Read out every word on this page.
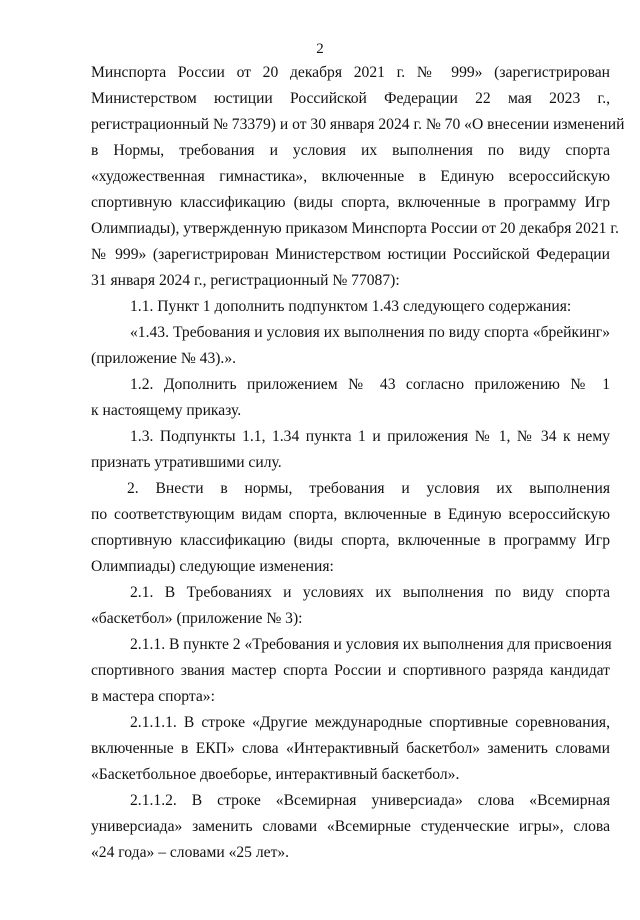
2
Минспорта России от 20 декабря 2021 г. № 999» (зарегистрирован
Министерством юстиции Российской Федерации 22 мая 2023 г.,
регистрационный № 73379) и от 30 января 2024 г. № 70 «О внесении изменений
в Нормы, требования и условия их выполнения по виду спорта
«художественная гимнастика», включенные в Единую всероссийскую
спортивную классификацию (виды спорта, включенные в программу Игр
Олимпиады), утвержденную приказом Минспорта России от 20 декабря 2021 г.
№ 999» (зарегистрирован Министерством юстиции Российской Федерации
31 января 2024 г., регистрационный № 77087):
1.1. Пункт 1 дополнить подпунктом 1.43 следующего содержания:
«1.43. Требования и условия их выполнения по виду спорта «брейкинг»
(приложение № 43).».
1.2. Дополнить приложением № 43 согласно приложению № 1
к настоящему приказу.
1.3. Подпункты 1.1, 1.34 пункта 1 и приложения № 1, № 34 к нему
признать утратившими силу.
2. Внести в нормы, требования и условия их выполнения
по соответствующим видам спорта, включенные в Единую всероссийскую
спортивную классификацию (виды спорта, включенные в программу Игр
Олимпиады) следующие изменения:
2.1. В Требованиях и условиях их выполнения по виду спорта
«баскетбол» (приложение № 3):
2.1.1. В пункте 2 «Требования и условия их выполнения для присвоения
спортивного звания мастер спорта России и спортивного разряда кандидат
в мастера спорта»:
2.1.1.1. В строке «Другие международные спортивные соревнования,
включенные в ЕКП» слова «Интерактивный баскетбол» заменить словами
«Баскетбольное двоеборье, интерактивный баскетбол».
2.1.1.2. В строке «Всемирная универсиада» слова «Всемирная
универсиада» заменить словами «Всемирные студенческие игры», слова
«24 года» – словами «25 лет».
